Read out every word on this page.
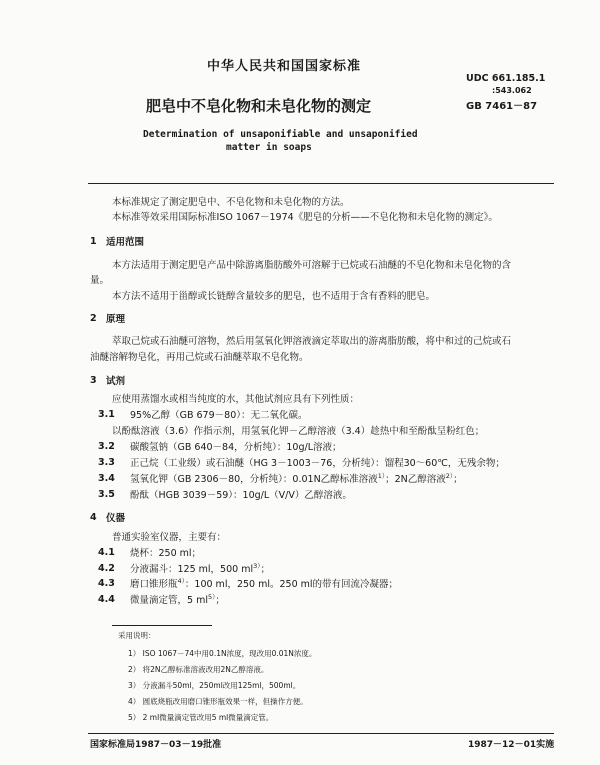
中华人民共和国国家标准
UDC 661.185.1
:543.062
肥皂中不皂化物和未皂化物的测定	GB 7461－87
Determination of unsaponifiable and unsaponified
matter in soaps
本标准规定了测定肥皂中、不皂化物和未皂化物的方法。
本标准等效采用国际标准ISO 1067－1974《肥皂的分析——不皂化物和未皂化物的测定》。
1 适用范围
本方法适用于测定肥皂产品中除游离脂肪酸外可溶解于已烷或石油醚的不皂化物和未皂化物的含
量。
本方法不适用于甾醇或长链醇含量较多的肥皂，也不适用于含有香料的肥皂。
2 原理
萃取己烷或石油醚可溶物，然后用氢氧化钾溶液滴定萃取出的游离脂肪酸，将中和过的己烷或石
油醚溶解物皂化，再用己烷或石油醚萃取不皂化物。
3 试剂
应使用蒸馏水或相当纯度的水，其他试剂应具有下列性质：
3.1 95%乙醇（GB 679－80）：无二氧化碳。
以酚酞溶液（3.6）作指示剂，用氢氧化钾－乙醇溶液（3.4）趁热中和至酚酞呈粉红色；
3.2 碳酸氢钠（GB 640－84，分析纯）：10g/L溶液；
3.3 正己烷（工业级）或石油醚（HG 3－1003－76，分析纯）：馏程30～60℃，无残余物；
3.4 氢氧化钾（GB 2306－80，分析纯）：0.01N乙醇标准溶液$^{1)}$；2N乙醇溶液$^{2)}$；
3.5 酚酞（HGB 3039－59）：10g/L（V/V）乙醇溶液。
4 仪器
普通实验室仪器，主要有：
4.1 烧杯：250 ml；
4.2 分液漏斗：125 ml，500 $ml^{3)}$；
4.3 磨口锥形瓶$^{4)}$：100 ml，250 ml。250 ml的带有回流冷凝器；
4.4 微量滴定管，5 $ml^{5)}$；
采用说明：
1） ISO 1067－74中用0.1N浓度，现改用0.01N浓度。
2） 将2N乙醇标准溶液改用2N乙醇溶液。
3） 分液漏斗50ml，250ml改用125ml，500ml。
4） 圆底烧瓶改用磨口锥形瓶效果一样，但操作方便。
5） 2 ml微量滴定管改用5 ml微量滴定管。
国家标准局1987－03－19批准	1987－12－01实施
